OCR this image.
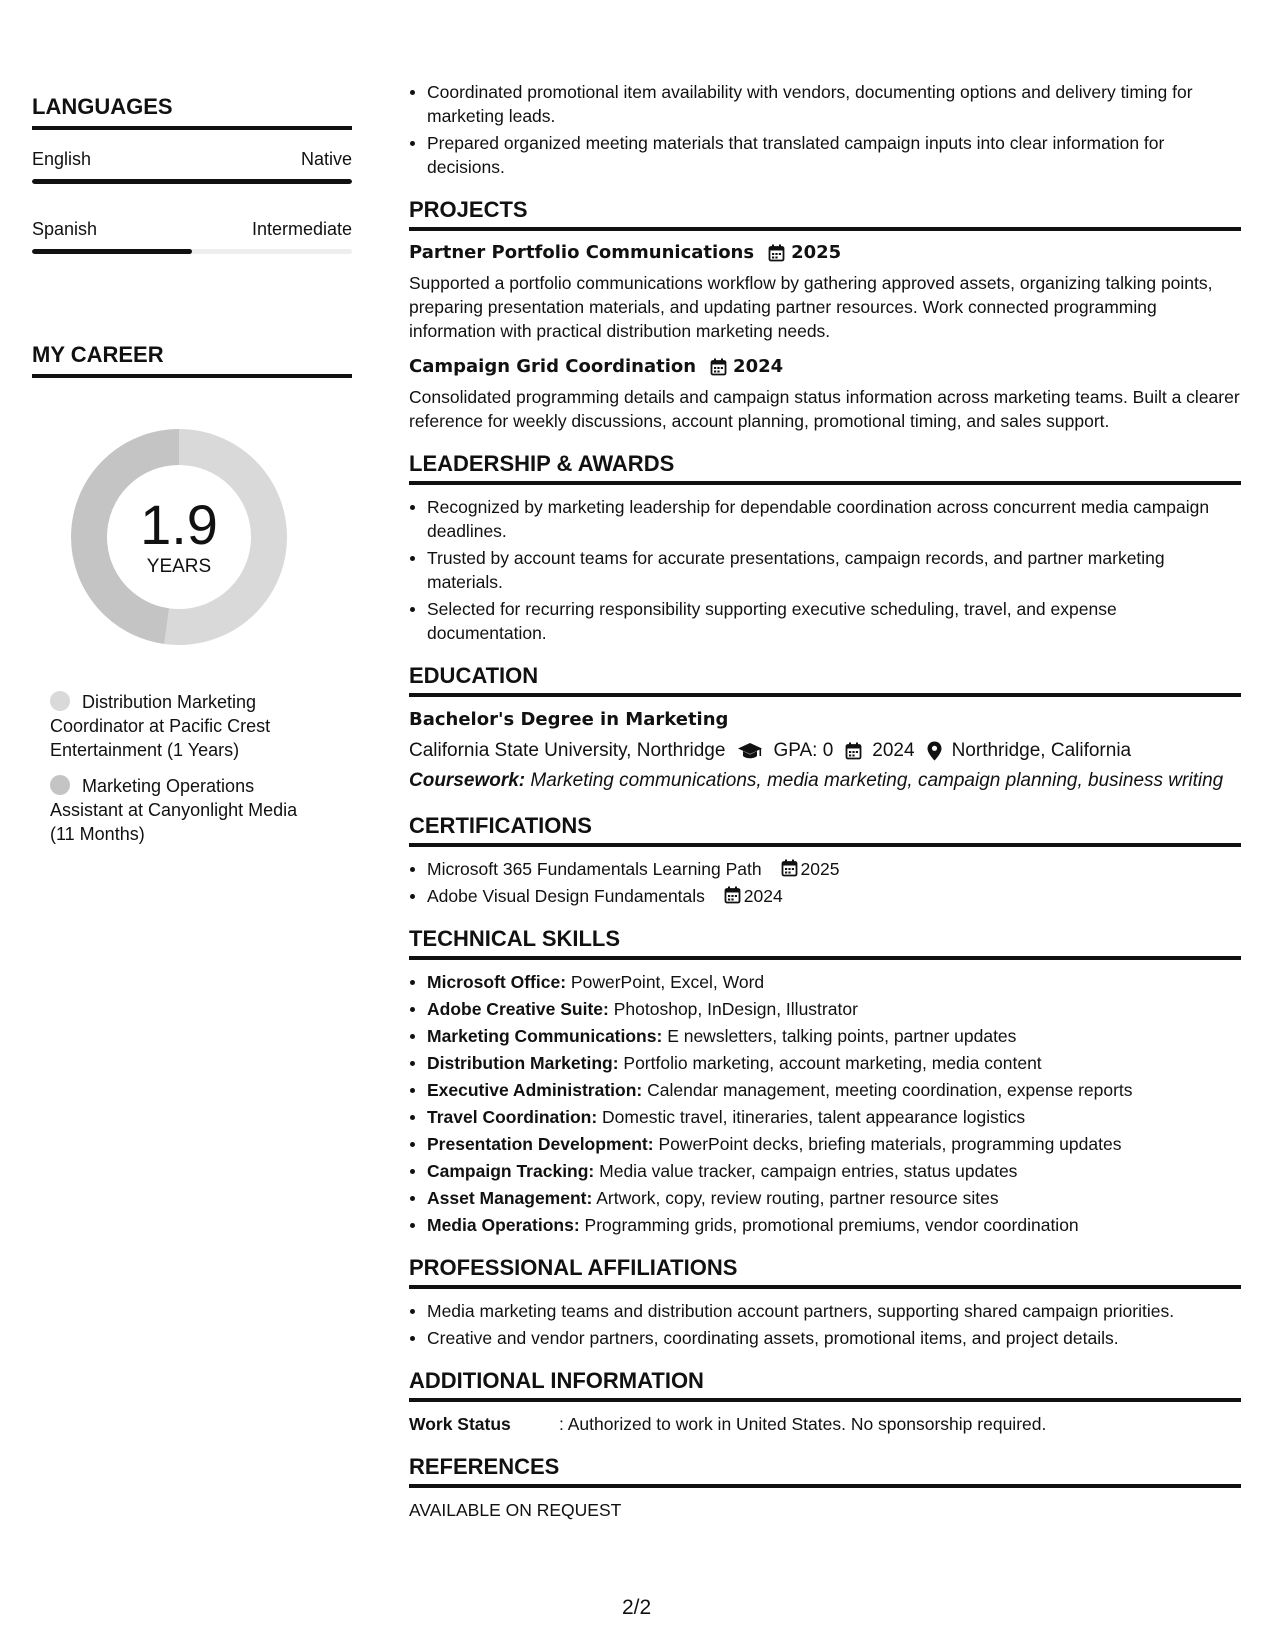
LANGUAGES
English	Native
Spanish	Intermediate
MY CAREER
1.9
YEARS
Distribution Marketing Coordinator at Pacific Crest Entertainment (1 Years)
Marketing Operations Assistant at Canyonlight Media (11 Months)
Coordinated promotional item availability with vendors, documenting options and delivery timing for marketing leads.
Prepared organized meeting materials that translated campaign inputs into clear information for decisions.
PROJECTS
Partner Portfolio Communications 2025
Supported a portfolio communications workflow by gathering approved assets, organizing talking points, preparing presentation materials, and updating partner resources. Work connected programming information with practical distribution marketing needs.
Campaign Grid Coordination 2024
Consolidated programming details and campaign status information across marketing teams. Built a clearer reference for weekly discussions, account planning, promotional timing, and sales support.
LEADERSHIP & AWARDS
Recognized by marketing leadership for dependable coordination across concurrent media campaign deadlines.
Trusted by account teams for accurate presentations, campaign records, and partner marketing materials.
Selected for recurring responsibility supporting executive scheduling, travel, and expense documentation.
EDUCATION
Bachelor's Degree in Marketing
California State University, Northridge	GPA: 0 2024 Northridge, California
Coursework: Marketing communications, media marketing, campaign planning, business writing
CERTIFICATIONS
Microsoft 365 Fundamentals Learning Path 2025
Adobe Visual Design Fundamentals 2024
TECHNICAL SKILLS
Microsoft Office: PowerPoint, Excel, Word
Adobe Creative Suite: Photoshop, InDesign, Illustrator
Marketing Communications: E newsletters, talking points, partner updates
Distribution Marketing: Portfolio marketing, account marketing, media content
Executive Administration: Calendar management, meeting coordination, expense reports
Travel Coordination: Domestic travel, itineraries, talent appearance logistics
Presentation Development: PowerPoint decks, briefing materials, programming updates
Campaign Tracking: Media value tracker, campaign entries, status updates
Asset Management: Artwork, copy, review routing, partner resource sites
Media Operations: Programming grids, promotional premiums, vendor coordination
PROFESSIONAL AFFILIATIONS
Media marketing teams and distribution account partners, supporting shared campaign priorities.
Creative and vendor partners, coordinating assets, promotional items, and project details.
ADDITIONAL INFORMATION
Work Status	: Authorized to work in United States. No sponsorship required.
REFERENCES
AVAILABLE ON REQUEST
2/2
